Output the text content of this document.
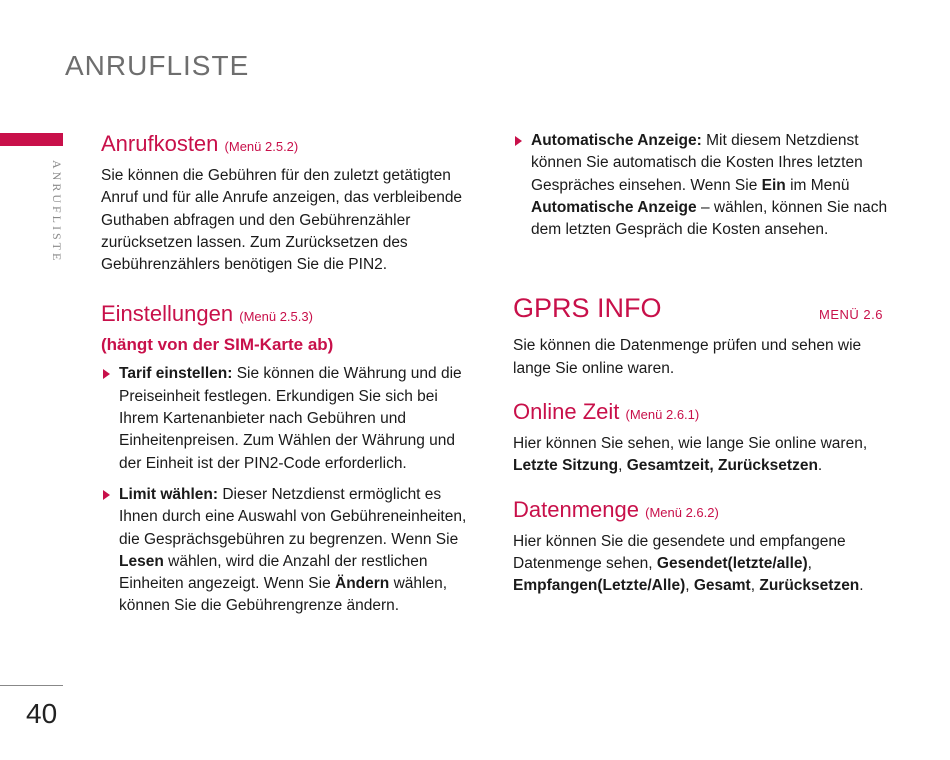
ANRUFLISTE
ANRUFLISTE
40
Anrufkosten (Menü 2.5.2)

Sie können die Gebühren für den zuletzt getätigten Anruf und für alle Anrufe anzeigen, das verbleibende Guthaben abfragen und den Gebührenzähler zurücksetzen lassen. Zum Zurücksetzen des Gebührenzählers benötigen Sie die PIN2.

Einstellungen (Menü 2.5.3)
(hängt von der SIM-Karte ab)
Tarif einstellen: Sie können die Währung und die Preiseinheit festlegen. Erkundigen Sie sich bei Ihrem Kartenanbieter nach Gebühren und Einheitenpreisen. Zum Wählen der Währung und der Einheit ist der PIN2-Code erforderlich.
Limit wählen: Dieser Netzdienst ermöglicht es Ihnen durch eine Auswahl von Gebühreneinheiten, die Gesprächsgebühren zu begrenzen. Wenn Sie Lesen wählen, wird die Anzahl der restlichen Einheiten angezeigt. Wenn Sie Ändern wählen, können Sie die Gebührengrenze ändern.
Automatische Anzeige: Mit diesem Netzdienst können Sie automatisch die Kosten Ihres letzten Gespräches einsehen. Wenn Sie Ein im Menü Automatische Anzeige – wählen, können Sie nach dem letzten Gespräch die Kosten ansehen.
GPRS INFO	MENÜ 2.6

Sie können die Datenmenge prüfen und sehen wie lange Sie online waren.

Online Zeit (Menü 2.6.1)

Hier können Sie sehen, wie lange Sie online waren, Letzte Sitzung, Gesamtzeit, Zurücksetzen.

Datenmenge (Menü 2.6.2)

Hier können Sie die gesendete und empfangene Datenmenge sehen, Gesendet(letzte/alle), Empfangen(Letzte/Alle), Gesamt, Zurücksetzen.
